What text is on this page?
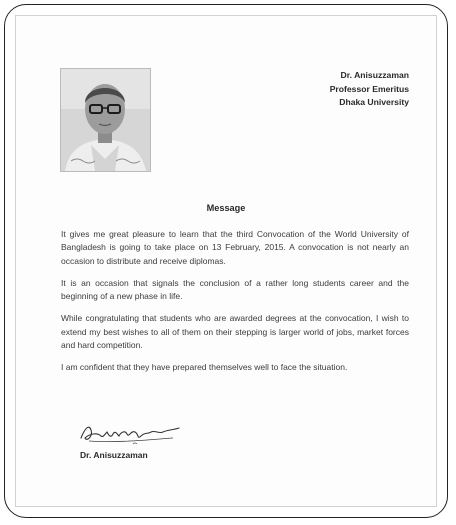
Dr. Anisuzzaman
Professor Emeritus
Dhaka University
Message

It gives me great pleasure to learn that the third Convocation of the World University of Bangladesh is going to take place on 13 February, 2015. A convocation is not nearly an occasion to distribute and receive diplomas.

It is an occasion that signals the conclusion of a rather long students career and the beginning of a new phase in life.

While congratulating that students who are awarded degrees at the convocation, I wish to extend my best wishes to all of them on their stepping is larger world of jobs, market forces and hard competition.

I am confident that they have prepared themselves well to face the situation.

Dr. Anisuzzaman
